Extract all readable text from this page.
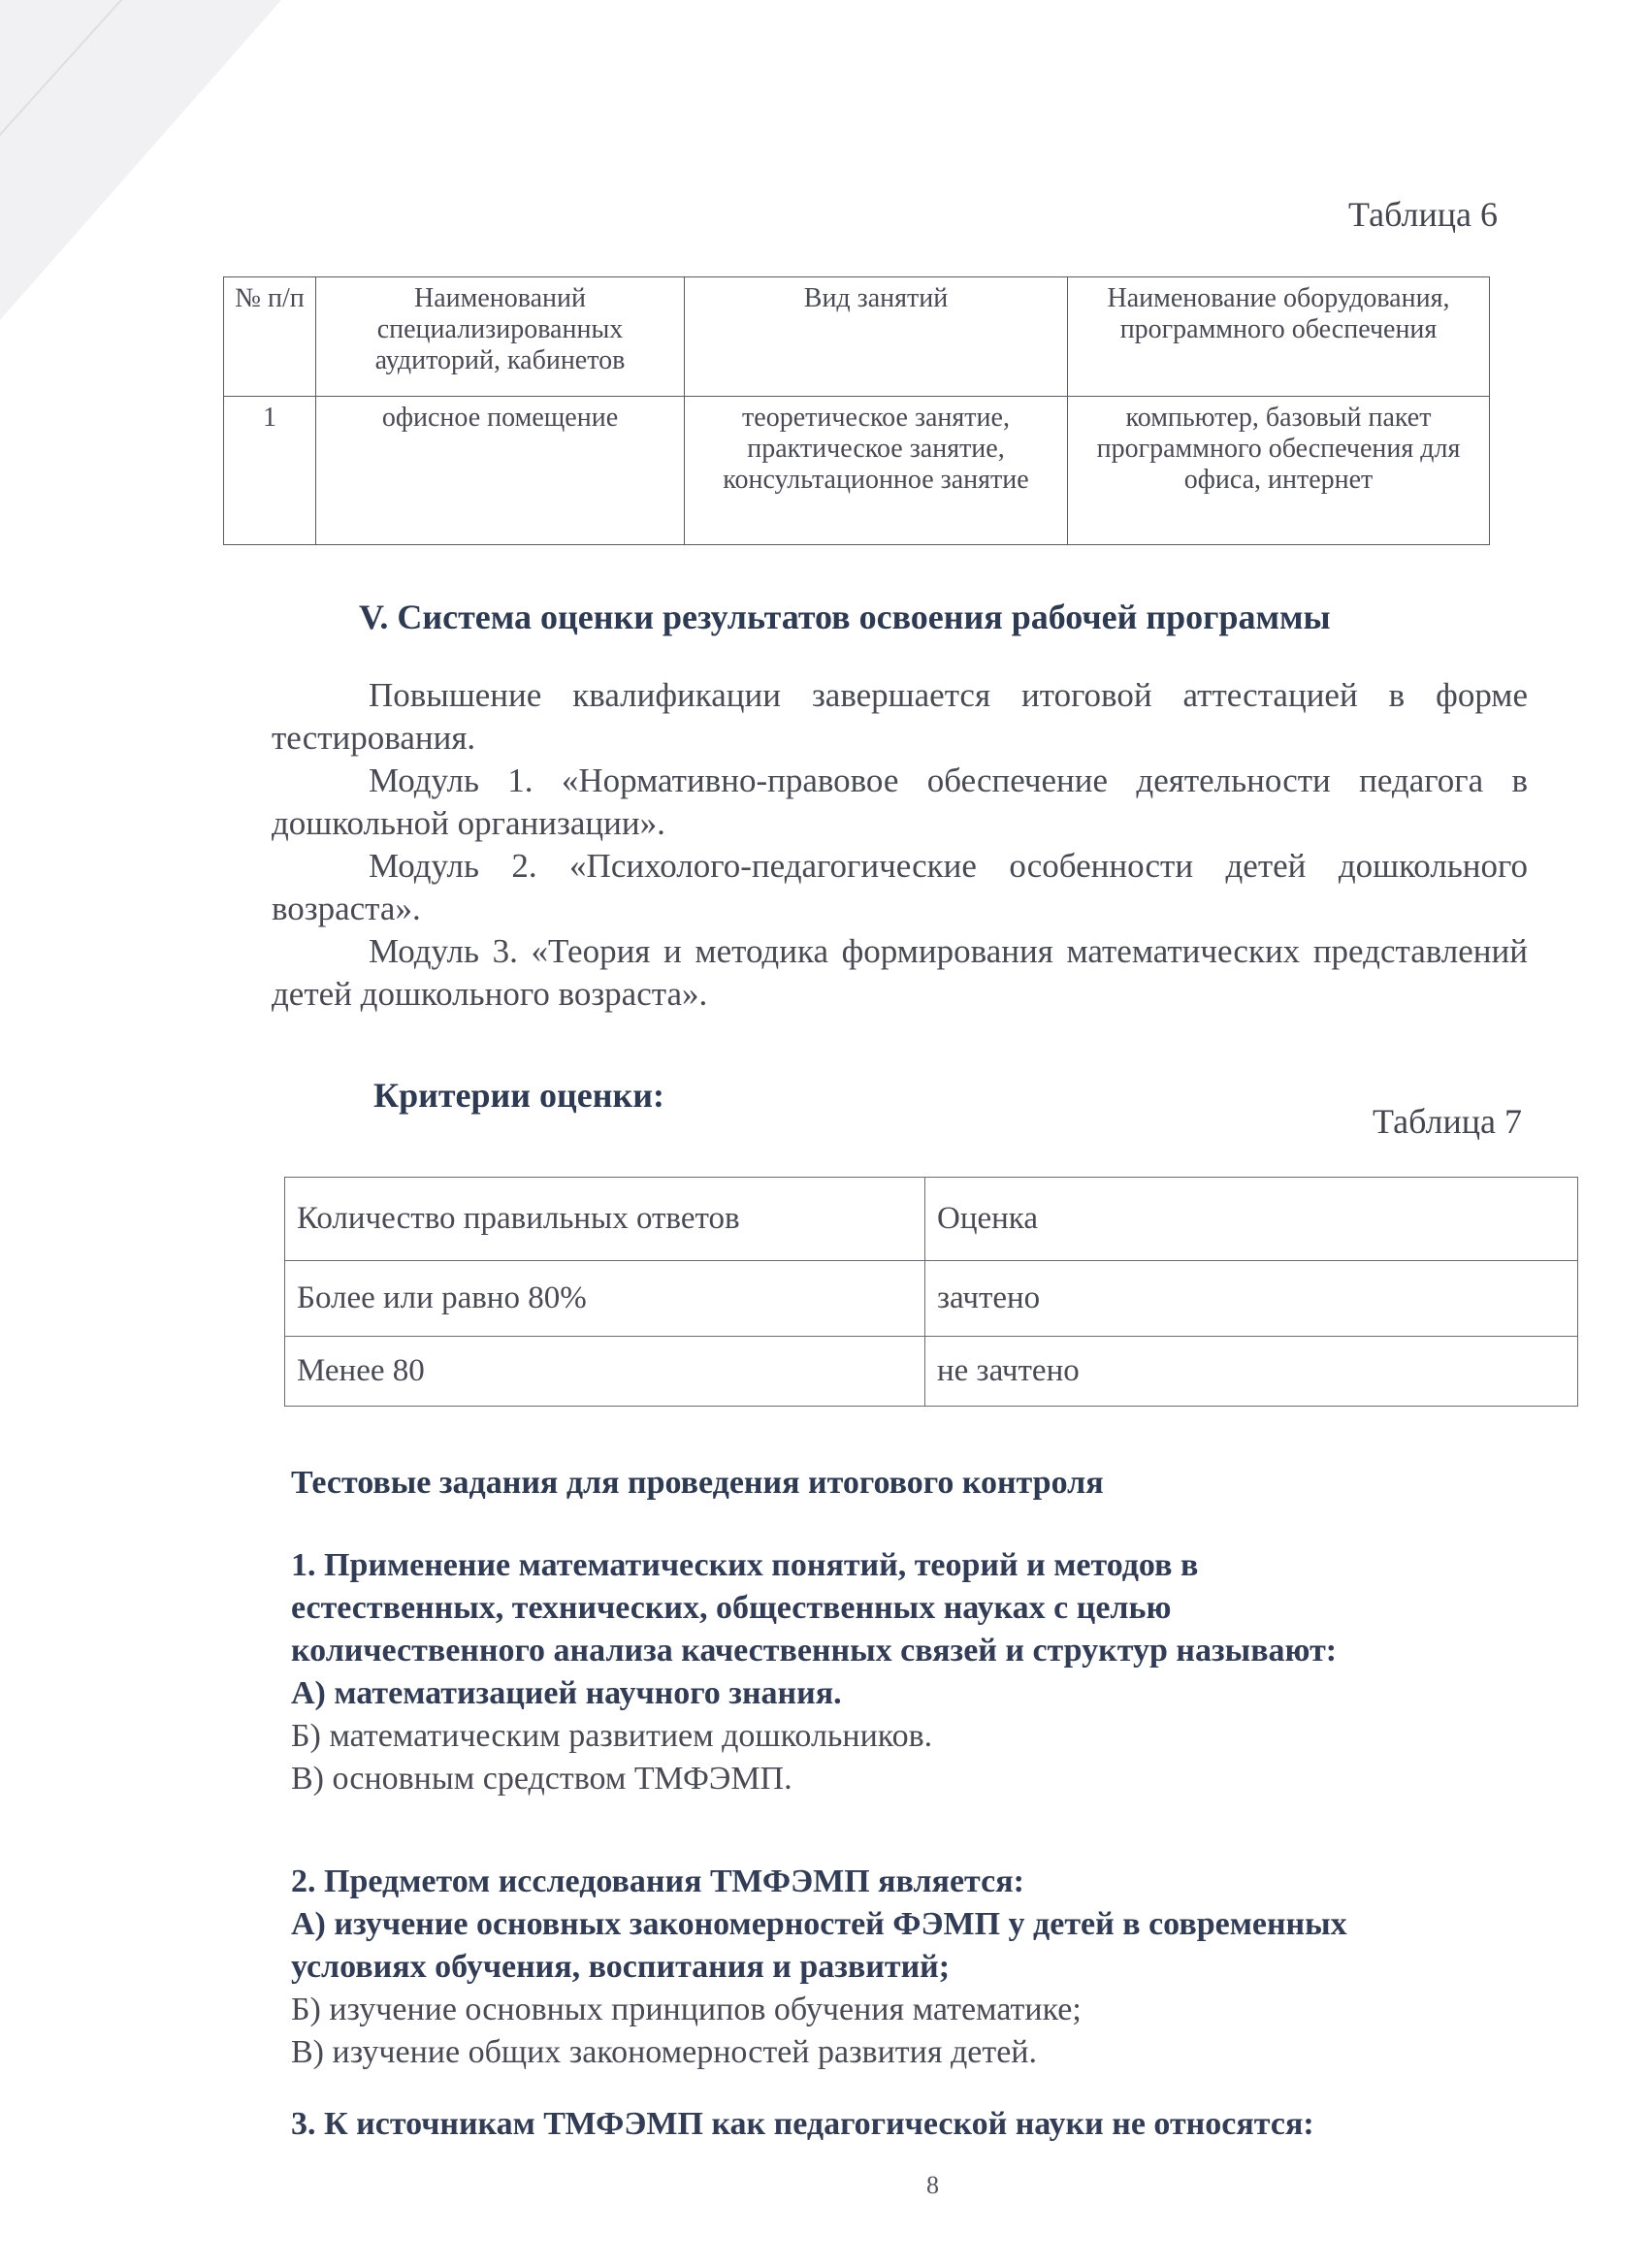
Таблица 6
№ п/п	Наименований специализированных аудиторий, кабинетов	Вид занятий	Наименование оборудования, программного обеспечения
1	офисное помещение	теоретическое занятие, практическое занятие, консультационное занятие	компьютер, базовый пакет программного обеспечения для офиса, интернет
V. Система оценки результатов освоения рабочей программы
Повышение квалификации завершается итоговой аттестацией в форме тестирования.
Модуль 1. «Нормативно-правовое обеспечение деятельности педагога в дошкольной организации».
Модуль 2. «Психолого-педагогические особенности детей дошкольного возраста».
Модуль 3. «Теория и методика формирования математических представлений детей дошкольного возраста».
Критерии оценки:
Таблица 7
Количество правильных ответов	Оценка
Более или равно 80%	зачтено
Менее 80	не зачтено
Тестовые задания для проведения итогового контроля
1. Применение математических понятий, теорий и методов в
естественных, технических, общественных науках с целью
количественного анализа качественных связей и структур называют:
А) математизацией научного знания.
Б) математическим развитием дошкольников.
В) основным средством ТМФЭМП.
2. Предметом исследования ТМФЭМП является:
А) изучение основных закономерностей ФЭМП у детей в современных
условиях обучения, воспитания и развитий;
Б) изучение основных принципов обучения математике;
В) изучение общих закономерностей развития детей.
3. К источникам ТМФЭМП как педагогической науки не относятся:
8
